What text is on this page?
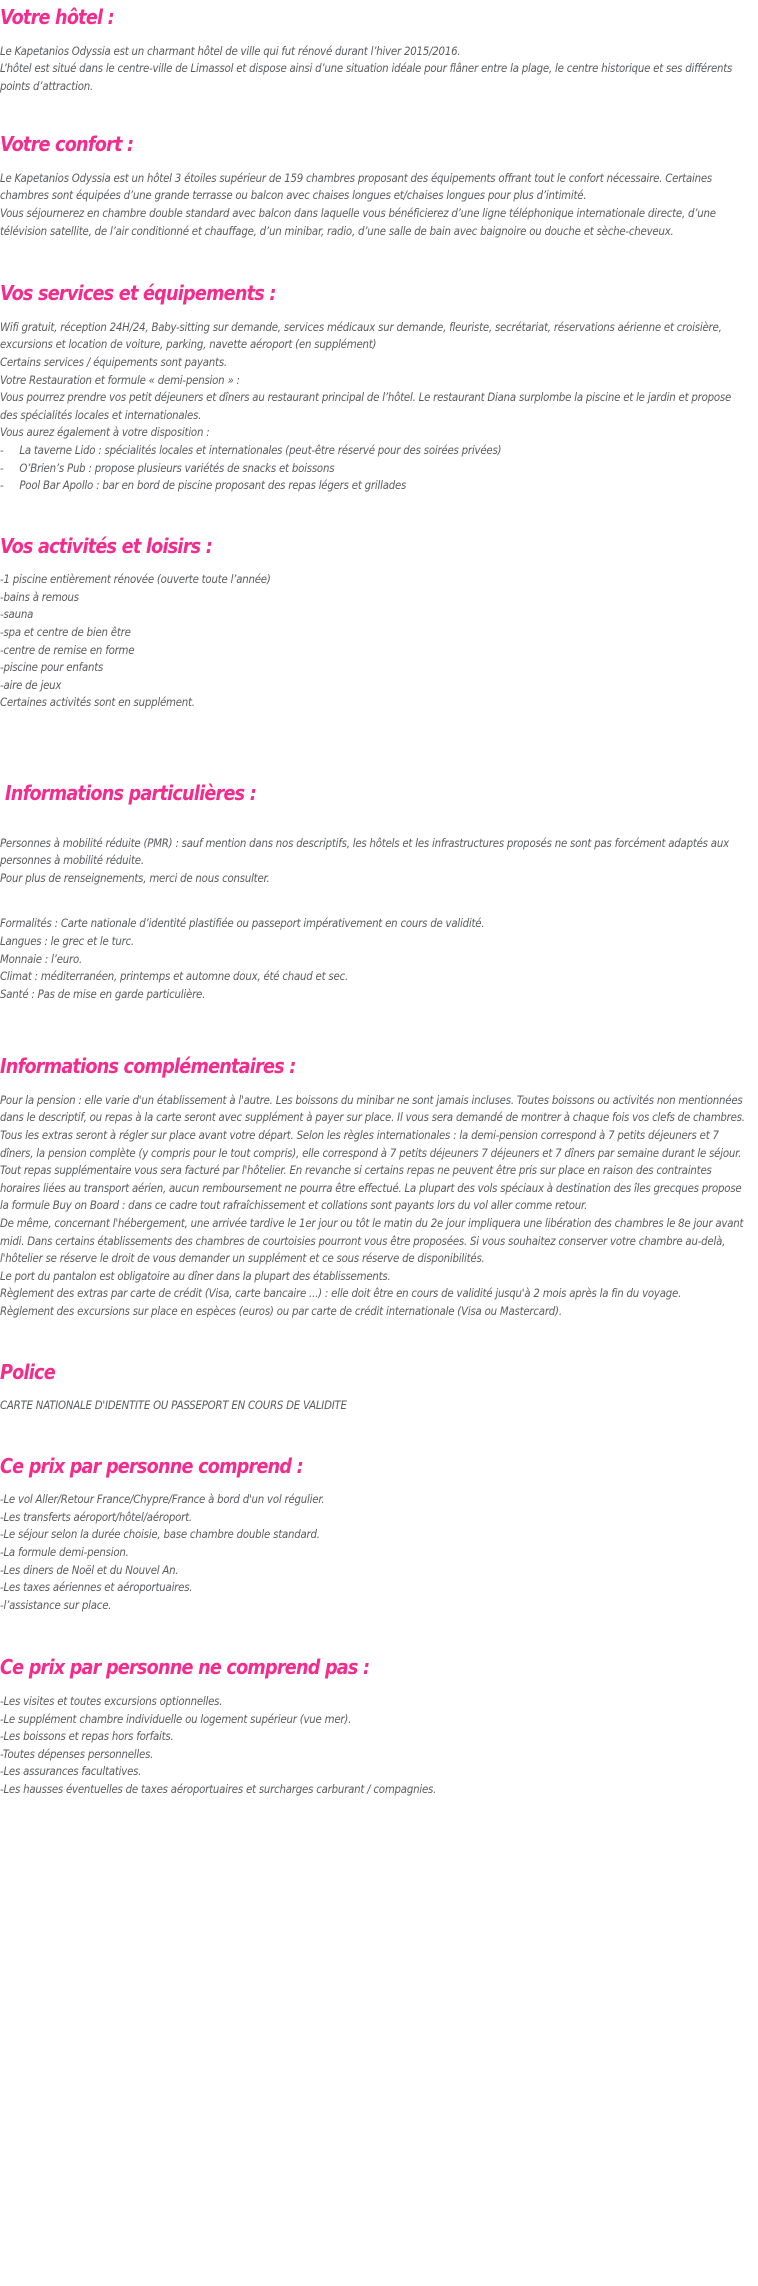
Votre hôtel :

Le Kapetanios Odyssia est un charmant hôtel de ville qui fut rénové durant l’hiver 2015/2016.

L’hôtel est situé dans le centre-ville de Limassol et dispose ainsi d’une situation idéale pour flâner entre la plage, le centre historique et ses différents points d’attraction.

Votre confort :

Le Kapetanios Odyssia est un hôtel 3 étoiles supérieur de 159 chambres proposant des équipements offrant tout le confort nécessaire. Certaines chambres sont équipées d’une grande terrasse ou balcon avec chaises longues et/chaises longues pour plus d’intimité.

Vous séjournerez en chambre double standard avec balcon dans laquelle vous bénéficierez d’une ligne téléphonique internationale directe, d’une télévision satellite, de l’air conditionné et chauffage, d’un minibar, radio, d’une salle de bain avec baignoire ou douche et sèche-cheveux.

Vos services et équipements :

Wifi gratuit, réception 24H/24, Baby-sitting sur demande, services médicaux sur demande, fleuriste, secrétariat, réservations aérienne et croisière, excursions et location de voiture, parking, navette aéroport (en supplément)

Certains services / équipements sont payants.

Votre Restauration et formule « demi-pension » :

Vous pourrez prendre vos petit déjeuners et dîners au restaurant principal de l’hôtel. Le restaurant Diana surplombe la piscine et le jardin et propose des spécialités locales et internationales.

Vous aurez également à votre disposition :

- La taverne Lido : spécialités locales et internationales (peut-être réservé pour des soirées privées)
- O’Brien’s Pub : propose plusieurs variétés de snacks et boissons
- Pool Bar Apollo : bar en bord de piscine proposant des repas légers et grillades
Vos activités et loisirs :
-1 piscine entièrement rénovée (ouverte toute l’année)
-bains à remous
-sauna
-spa et centre de bien être
-centre de remise en forme
-piscine pour enfants
-aire de jeux
Certaines activités sont en supplément.
Informations particulières :

Personnes à mobilité réduite (PMR) : sauf mention dans nos descriptifs, les hôtels et les infrastructures proposés ne sont pas forcément adaptés aux personnes à mobilité réduite.

Pour plus de renseignements, merci de nous consulter.

Formalités : Carte nationale d’identité plastifiée ou passeport impérativement en cours de validité.

Langues : le grec et le turc.

Monnaie : l’euro.

Climat : méditerranéen, printemps et automne doux, été chaud et sec.

Santé : Pas de mise en garde particulière.

Informations complémentaires :

Pour la pension : elle varie d'un établissement à l'autre. Les boissons du minibar ne sont jamais incluses. Toutes boissons ou activités non mentionnées dans le descriptif, ou repas à la carte seront avec supplément à payer sur place. Il vous sera demandé de montrer à chaque fois vos clefs de chambres. Tous les extras seront à régler sur place avant votre départ. Selon les règles internationales : la demi-pension correspond à 7 petits déjeuners et 7 dîners, la pension complète (y compris pour le tout compris), elle correspond à 7 petits déjeuners 7 déjeuners et 7 dîners par semaine durant le séjour. Tout repas supplémentaire vous sera facturé par l'hôtelier. En revanche si certains repas ne peuvent être pris sur place en raison des contraintes horaires liées au transport aérien, aucun remboursement ne pourra être effectué. La plupart des vols spéciaux à destination des îles grecques propose la formule Buy on Board : dans ce cadre tout rafraîchissement et collations sont payants lors du vol aller comme retour.

De même, concernant l'hébergement, une arrivée tardive le 1er jour ou tôt le matin du 2e jour impliquera une libération des chambres le 8e jour avant midi. Dans certains établissements des chambres de courtoisies pourront vous être proposées. Si vous souhaitez conserver votre chambre au-delà, l'hôtelier se réserve le droit de vous demander un supplément et ce sous réserve de disponibilités.

Le port du pantalon est obligatoire au dîner dans la plupart des établissements.

Règlement des extras par carte de crédit (Visa, carte bancaire ...) : elle doit être en cours de validité jusqu'à 2 mois après la fin du voyage.

Règlement des excursions sur place en espèces (euros) ou par carte de crédit internationale (Visa ou Mastercard).

Police

CARTE NATIONALE D'IDENTITE OU PASSEPORT EN COURS DE VALIDITE

Ce prix par personne comprend :
-Le vol Aller/Retour France/Chypre/France à bord d'un vol régulier.
-Les transferts aéroport/hôtel/aéroport.
-Le séjour selon la durée choisie, base chambre double standard.
-La formule demi-pension.
-Les diners de Noël et du Nouvel An.
-Les taxes aériennes et aéroportuaires.
-l’assistance sur place.
Ce prix par personne ne comprend pas :
-Les visites et toutes excursions optionnelles.
-Le supplément chambre individuelle ou logement supérieur (vue mer).
-Les boissons et repas hors forfaits.
-Toutes dépenses personnelles.
-Les assurances facultatives.
-Les hausses éventuelles de taxes aéroportuaires et surcharges carburant / compagnies.
